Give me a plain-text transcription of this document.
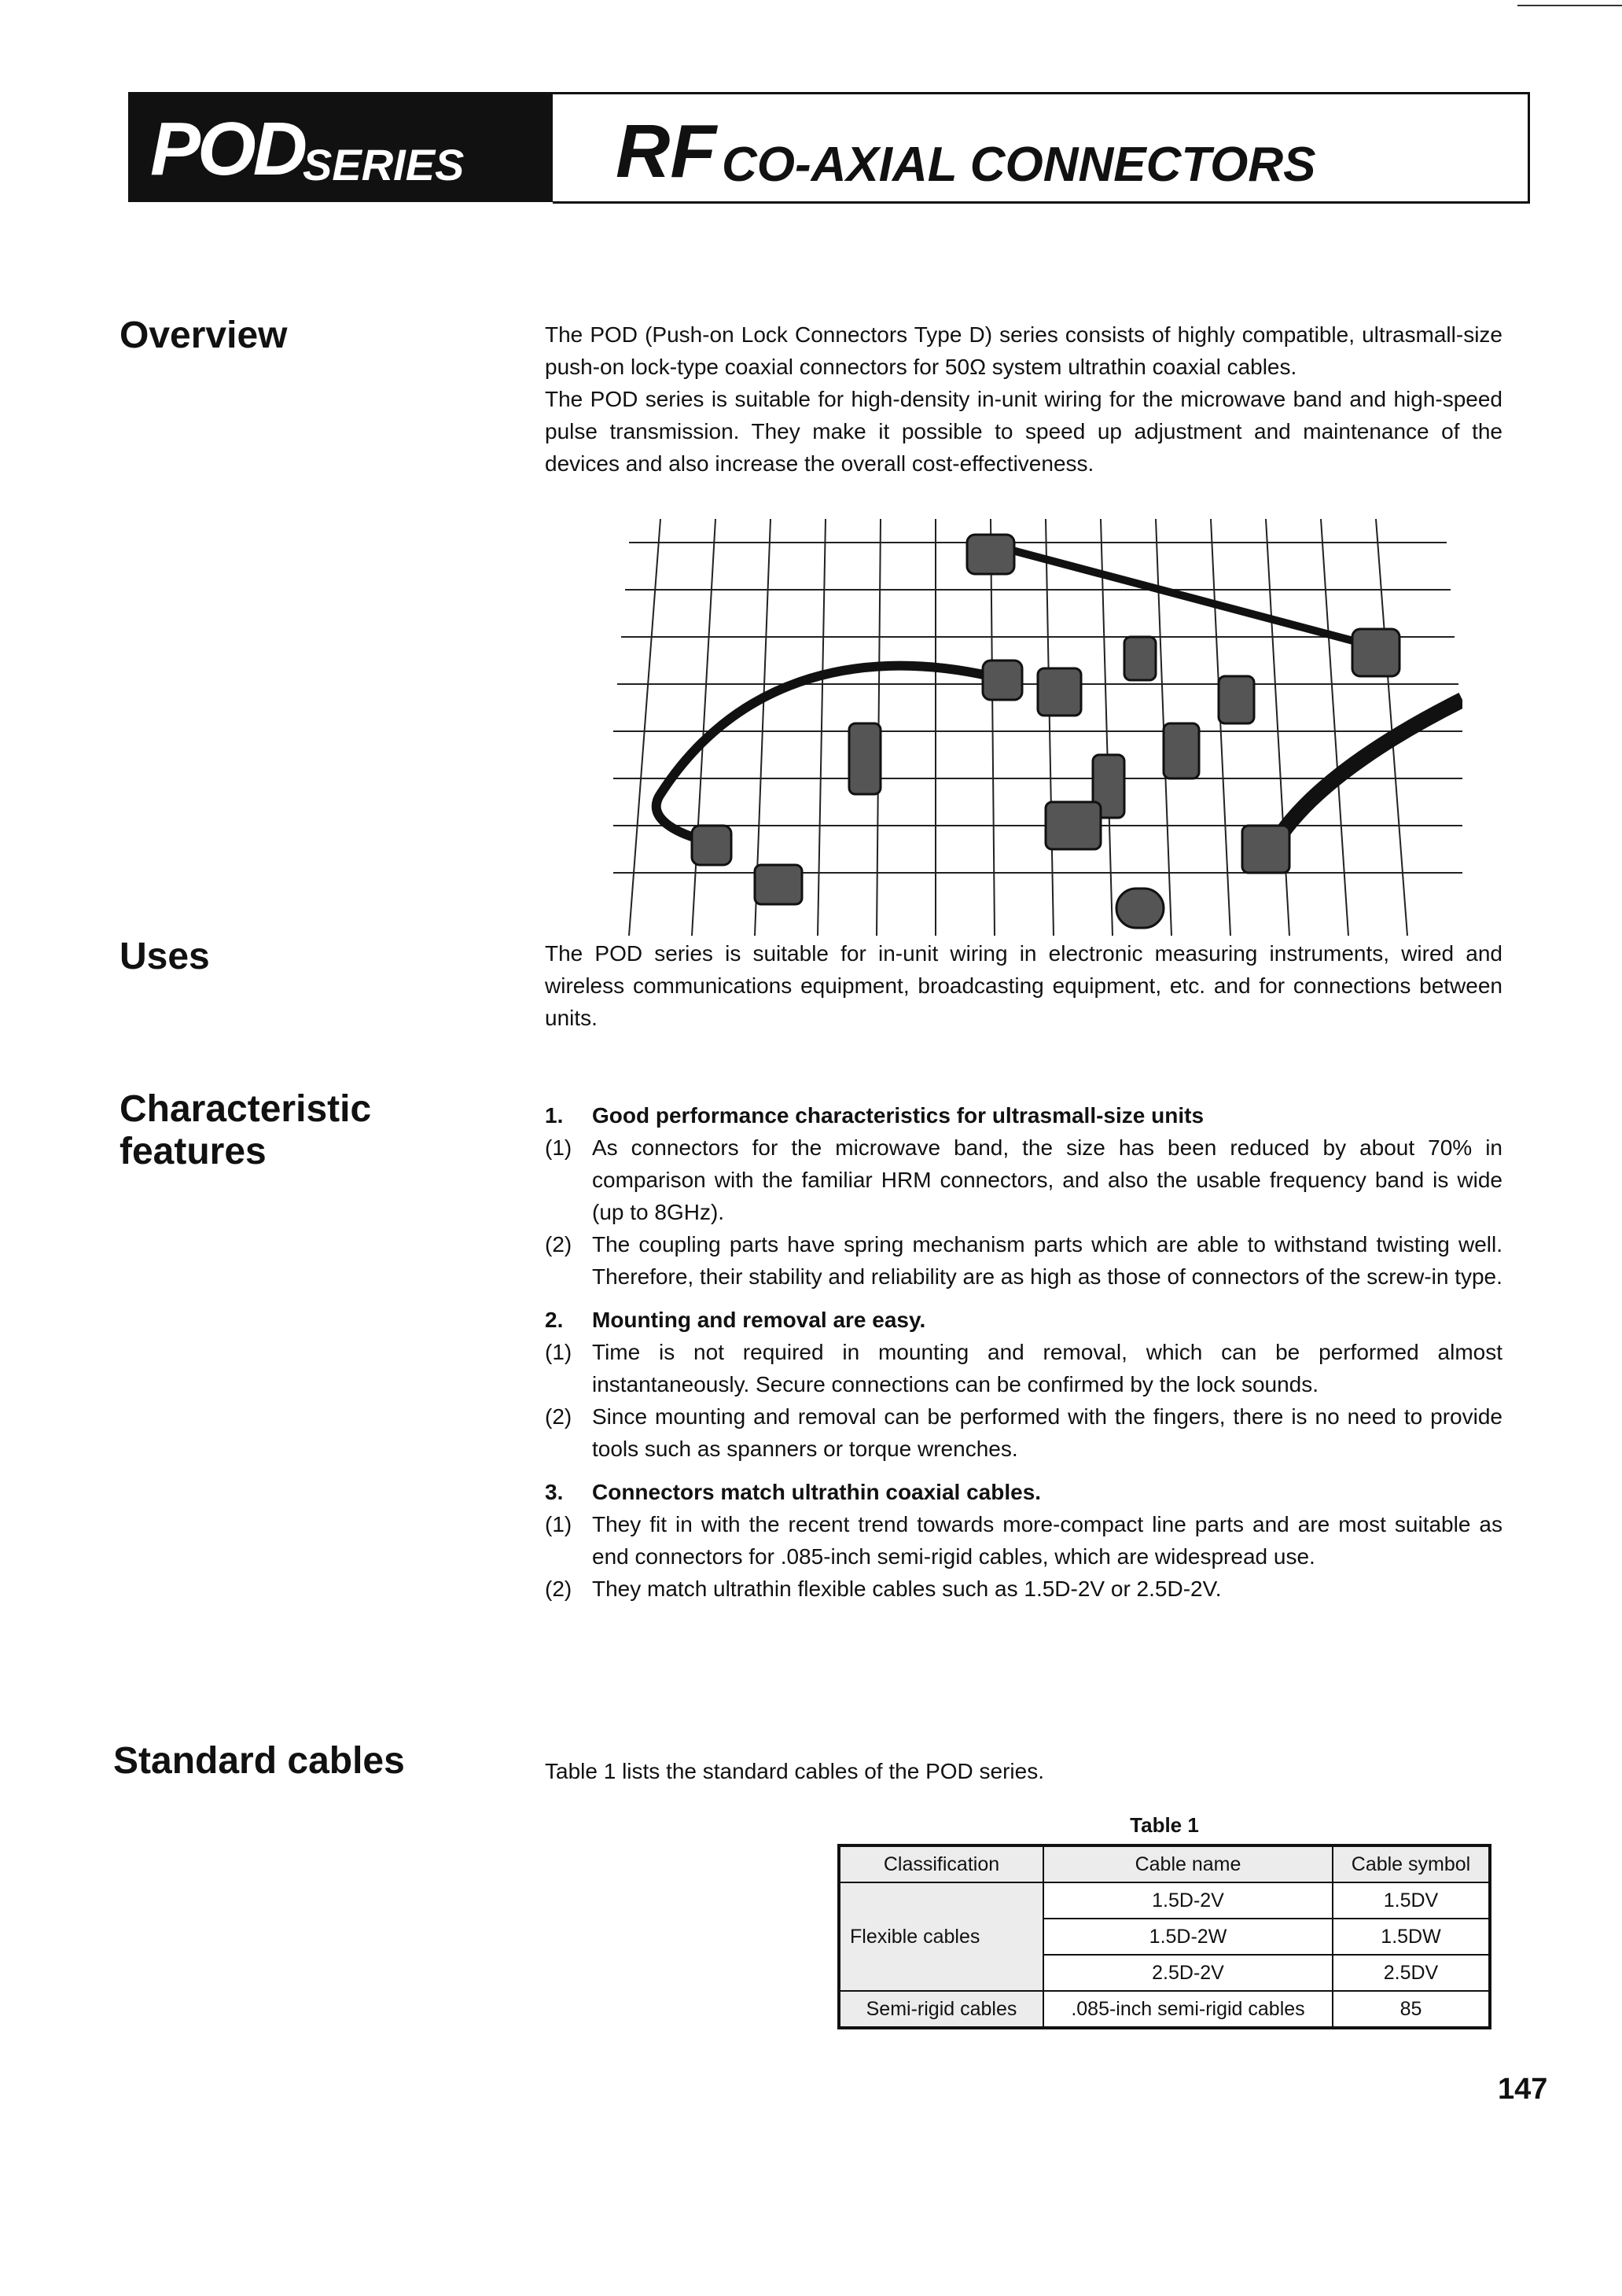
POD
SERIES RF CO-AXIAL CONNECTORS
Overview	The POD (Push-on Lock Connectors Type D) series consists of highly compatible, ultrasmall-size push-on lock-type coaxial connectors for 50Ω system ultrathin coaxial cables.

The POD series is suitable for high-density in-unit wiring for the microwave band and high-speed pulse transmission. They make it possible to speed up adjustment and maintenance of the devices and also increase the overall cost-effectiveness.

Uses	The POD series is suitable for in-unit wiring in electronic measuring instruments, wired and wireless communications equipment, broadcasting equipment, etc. and for connections between units.
Characteristic
features
1.	Good performance characteristics for ultrasmall-size units
(1) As connectors for the microwave band, the size has been reduced by about 70% in comparison with the familiar HRM connectors, and also the usable frequency band is wide (up to 8GHz).
(2) The coupling parts have spring mechanism parts which are able to withstand twisting well. Therefore, their stability and reliability are as high as those of connectors of the screw-in type.
2.	Mounting and removal are easy.
(1) Time is not required in mounting and removal, which can be performed almost instantaneously. Secure connections can be confirmed by the lock sounds.
(2) Since mounting and removal can be performed with the fingers, there is no need to provide tools such as spanners or torque wrenches.
3.	Connectors match ultrathin coaxial cables.
(1) They fit in with the recent trend towards more-compact line parts and are most suitable as end connectors for .085-inch semi-rigid cables, which are widespread use.
(2) They match ultrathin flexible cables such as 1.5D-2V or 2.5D-2V.
Standard cables	Table 1 lists the standard cables of the POD series.
Table 1
Classification	Cable name	Cable symbol
Flexible cables	1.5D-2V	1.5DV
	1.5D-2W	1.5DW
	2.5D-2V	2.5DV
Semi-rigid cables	.085-inch semi-rigid cables	85
147
